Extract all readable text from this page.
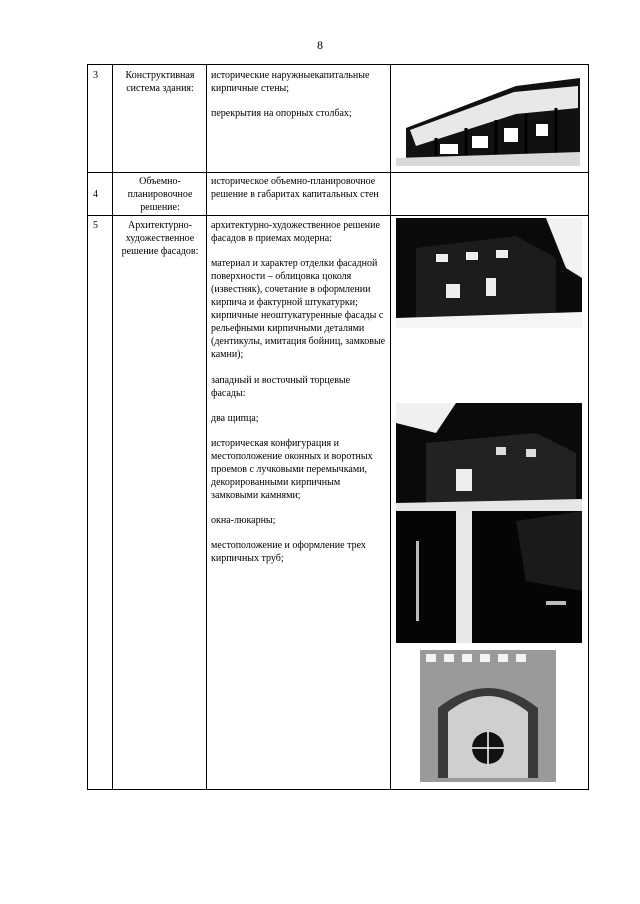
8
3	Конструктивная система здания:
исторические наружныекапитальные кирпичные стены;
перекрытия на опорных столбах;
4
Объемно-планировочное решение:
историческое объемно-планировочное решение в габаритах капитальных стен
5	Архитектурно-художественное решение фасадов:
архитектурно-художественное решение фасадов в приемах модерна:
материал и характер отделки фасадной поверхности – облицовка цоколя (известняк), сочетание в оформлении кирпича и фактурной штукатурки;
кирпичные неоштукатуренные фасады с рельефными кирпичными деталями (дентикулы, имитация бойниц, замковые камни);
западный и восточный торцевые фасады:
два щипца;
историческая конфигурация и местоположение оконных и воротных проемов с лучковыми перемычками, декорированными кирпичным замковыми камнями;
окна-люкарны;
местоположение и оформление трех кирпичных труб;
